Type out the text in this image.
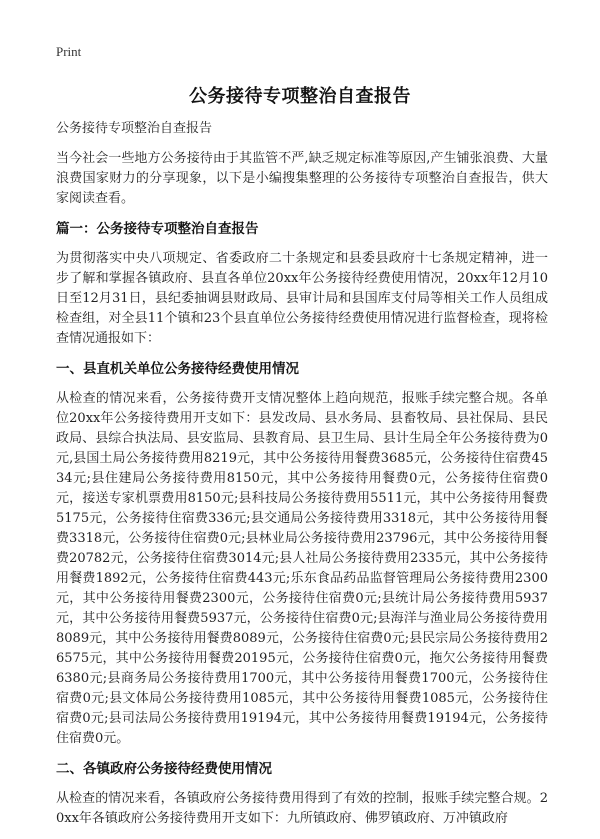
Print
公务接待专项整治自查报告
公务接待专项整治自查报告

当今社会一些地方公务接待由于其监管不严,缺乏规定标准等原因,产生铺张浪费、大量浪费国家财力的分享现象，以下是小编搜集整理的公务接待专项整治自查报告，供大家阅读查看。

篇一：公务接待专项整治自查报告

为贯彻落实中央八项规定、省委政府二十条规定和县委县政府十七条规定精神，进一步了解和掌握各镇政府、县直各单位20xx年公务接待经费使用情况，20xx年12月10日至12月31日，县纪委抽调县财政局、县审计局和县国库支付局等相关工作人员组成检查组，对全县11个镇和23个县直单位公务接待经费使用情况进行监督检查，现将检查情况通报如下：

一、县直机关单位公务接待经费使用情况

从检查的情况来看，公务接待费开支情况整体上趋向规范，报账手续完整合规。各单位20xx年公务接待费用开支如下：县发改局、县水务局、县畜牧局、县社保局、县民政局、县综合执法局、县安监局、县教育局、县卫生局、县计生局全年公务接待费为0元,县国土局公务接待费用8219元，其中公务接待用餐费3685元，公务接待住宿费4534元;县住建局公务接待费用8150元，其中公务接待用餐费0元，公务接待住宿费0元，接送专家机票费用8150元;县科技局公务接待费用5511元，其中公务接待用餐费5175元，公务接待住宿费336元;县交通局公务接待费用3318元，其中公务接待用餐费3318元，公务接待住宿费0元;县林业局公务接待费用23796元，其中公务接待用餐费20782元，公务接待住宿费3014元;县人社局公务接待费用2335元，其中公务接待用餐费1892元，公务接待住宿费443元;乐东食品药品监督管理局公务接待费用2300元，其中公务接待用餐费2300元，公务接待住宿费0元;县统计局公务接待费用5937元，其中公务接待用餐费5937元，公务接待住宿费0元;县海洋与渔业局公务接待费用8089元，其中公务接待用餐费8089元，公务接待住宿费0元;县民宗局公务接待费用26575元，其中公务接待用餐费20195元，公务接待住宿费0元，拖欠公务接待用餐费6380元;县商务局公务接待费用1700元，其中公务接待用餐费1700元，公务接待住宿费0元;县文体局公务接待费用1085元，其中公务接待用餐费1085元，公务接待住宿费0元;县司法局公务接待费用19194元，其中公务接待用餐费19194元，公务接待住宿费0元。

二、各镇政府公务接待经费使用情况

从检查的情况来看，各镇政府公务接待费用得到了有效的控制，报账手续完整合规。20xx年各镇政府公务接待费用开支如下：九所镇政府、佛罗镇政府、万冲镇政府
